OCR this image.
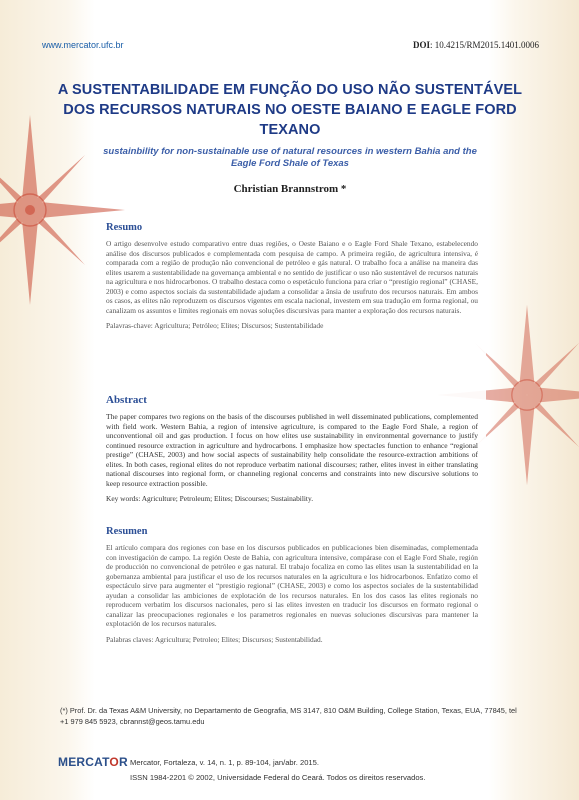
www.mercator.ufc.br	DOI: 10.4215/RM2015.1401.0006
A SUSTENTABILIDADE EM FUNÇÃO DO USO NÃO SUSTENTÁVEL DOS RECURSOS NATURAIS NO OESTE BAIANO E EAGLE FORD TEXANO
sustainbility for non-sustainable use of natural resources in western Bahia and the Eagle Ford Shale of Texas
Christian Brannstrom *
Resumo

O artigo desenvolve estudo comparativo entre duas regiões, o Oeste Baiano e o Eagle Ford Shale Texano, estabelecendo análise dos discursos publicados e complementada com pesquisa de campo. A primeira região, de agricultura intensiva, é comparada com a região de produção não convencional de petróleo e gás natural. O trabalho foca a análise na maneira das elites usarem a sustentabilidade na governança ambiental e no sentido de justificar o uso não sustentável de recursos naturais na agricultura e nos hidrocarbonos. O trabalho destaca como o espetáculo funciona para criar o “prestígio regional” (CHASE, 2003) e como aspectos sociais da sustentabilidade ajudam a consolidar a ânsia de usufruto dos recursos naturais. Em ambos os casos, as elites não reproduzem os discursos vigentes em escala nacional, investem em sua tradução em forma regional, ou canalizam os assuntos e limites regionais em novas soluções discursivas para manter a exploração dos recursos naturais.

Palavras-chave: Agricultura; Petróleo; Elites; Discursos; Sustentabilidade

Abstract

The paper compares two regions on the basis of the discourses published in well disseminated publications, complemented with field work. Western Bahia, a region of intensive agriculture, is compared to the Eagle Ford Shale, a region of unconventional oil and gas production. I focus on how elites use sustainability in environmental governance to justify continued resource extraction in agriculture and hydrocarbons. I emphasize how spectacles function to enhance “regional prestige” (CHASE, 2003) and how social aspects of sustainability help consolidate the resource-extraction ambitions of elites. In both cases, regional elites do not reproduce verbatim national discourses; rather, elites invest in either translating national discourses into regional form, or channeling regional concerns and constraints into new discursive solutions to keep resource extraction possible.

Key words: Agriculture; Petroleum; Elites; Discourses; Sustainability.

Resumen

El artículo compara dos regiones con base en los discursos publicados en publicaciones bien diseminadas, complementada con investigación de campo. La región Oeste de Bahia, con agricultura intensive, compárase con el Eagle Ford Shale, región de producción no convencional de petróleo e gas natural. El trabajo focaliza en como las elites usan la sustentabilidad en la gobernanza ambiental para justificar el uso de los recursos naturales en la agricultura e los hidrocarbonos. Enfatizo como el espectáculo sirve para augmenter el “prestigio regional” (CHASE, 2003) e como los aspectos sociales de la sustentabilidad ayudan a consolidar las ambiciones de explotación de los recursos naturales. En los dos casos las elites regionals no reproducem verbatim los discursos nacionales, pero si las elites investen en traducir los discursos en formato regional o canalizar las preocupaciones regionales e los parametros regionales en nuevas soluciones discursivas para mantener la explotación de los recursos naturales.

Palabras claves: Agricultura; Petroleo; Elites; Discursos; Sustentabilidad.

(*) Prof. Dr. da Texas A&M University, no Departamento de Geografia, MS 3147, 810 O&M Building, College Station, Texas, EUA, 77845, tel +1 979 845 5923, cbrannst@geos.tamu.edu
MERCATOR Mercator, Fortaleza, v. 14, n. 1, p. 89-104, jan/abr. 2015.
ISSN 1984-2201 © 2002, Universidade Federal do Ceará. Todos os direitos reservados.
